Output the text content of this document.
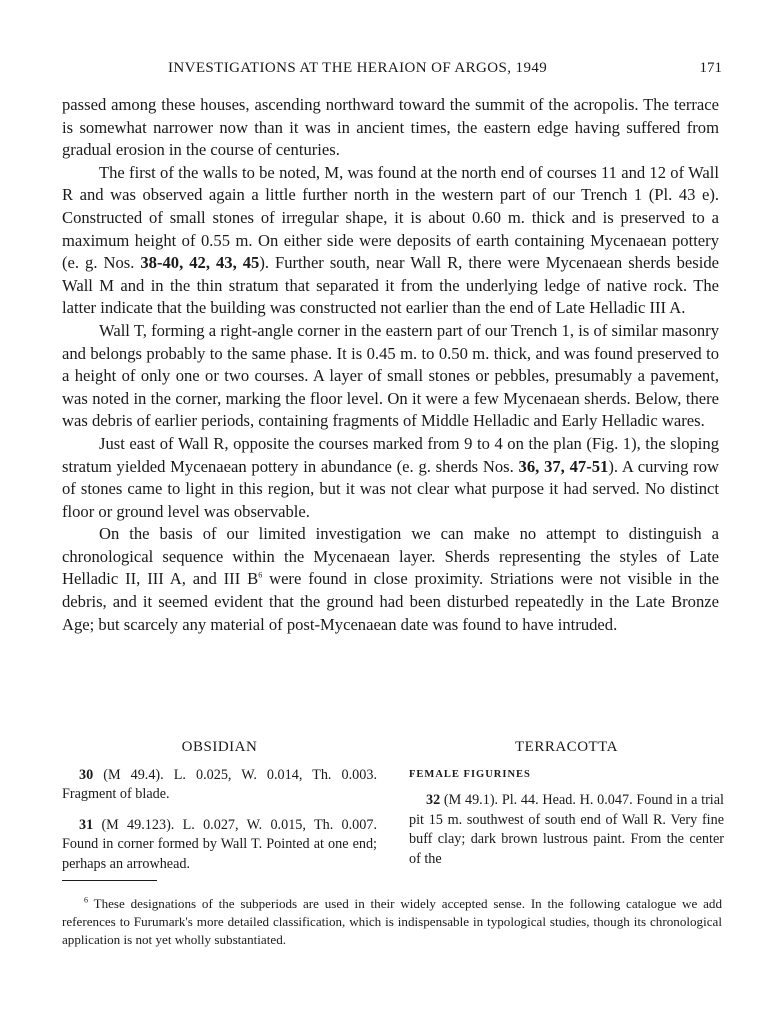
INVESTIGATIONS AT THE HERAION OF ARGOS, 1949	171

passed among these houses, ascending northward toward the summit of the acropolis. The terrace is somewhat narrower now than it was in ancient times, the eastern edge having suffered from gradual erosion in the course of centuries.

The first of the walls to be noted, M, was found at the north end of courses 11 and 12 of Wall R and was observed again a little further north in the western part of our Trench 1 (Pl. 43 e). Constructed of small stones of irregular shape, it is about 0.60 m. thick and is preserved to a maximum height of 0.55 m. On either side were deposits of earth containing Mycenaean pottery (e. g. Nos. 38-40, 42, 43, 45). Further south, near Wall R, there were Mycenaean sherds beside Wall M and in the thin stratum that separated it from the underlying ledge of native rock. The latter indicate that the building was constructed not earlier than the end of Late Helladic III A.

Wall T, forming a right-angle corner in the eastern part of our Trench 1, is of similar masonry and belongs probably to the same phase. It is 0.45 m. to 0.50 m. thick, and was found preserved to a height of only one or two courses. A layer of small stones or pebbles, presumably a pavement, was noted in the corner, marking the floor level. On it were a few Mycenaean sherds. Below, there was debris of earlier periods, containing fragments of Middle Helladic and Early Helladic wares.

Just east of Wall R, opposite the courses marked from 9 to 4 on the plan (Fig. 1), the sloping stratum yielded Mycenaean pottery in abundance (e. g. sherds Nos. 36, 37, 47-51). A curving row of stones came to light in this region, but it was not clear what purpose it had served. No distinct floor or ground level was observable.

On the basis of our limited investigation we can make no attempt to distinguish a chronological sequence within the Mycenaean layer. Sherds representing the styles of Late Helladic II, III A, and III $B^6$ were found in close proximity. Striations were not visible in the debris, and it seemed evident that the ground had been disturbed repeatedly in the Late Bronze Age; but scarcely any material of post-Mycenaean date was found to have intruded.

OBSIDIAN

30 (M 49.4). L. 0.025, W. 0.014, Th. 0.003. Fragment of blade.

31 (M 49.123). L. 0.027, W. 0.015, Th. 0.007. Found in corner formed by Wall T. Pointed at one end; perhaps an arrowhead.

TERRACOTTA
FEMALE FIGURINES

32 (M 49.1). Pl. 44. Head. H. 0.047. Found in a trial pit 15 m. southwest of south end of Wall R. Very fine buff clay; dark brown lustrous paint. From the center of the

$^6$ These designations of the subperiods are used in their widely accepted sense. In the following catalogue we add references to Furumark's more detailed classification, which is indispensable in typological studies, though its chronological application is not yet wholly substantiated.
